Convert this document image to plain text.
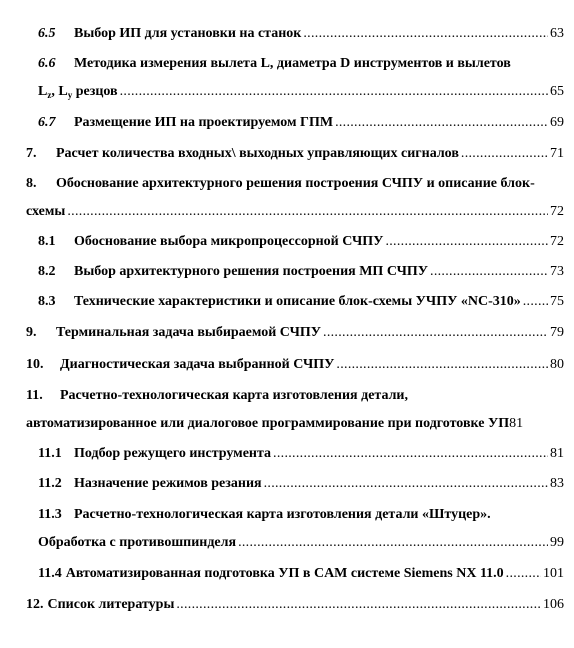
6.5	Выбор ИП для установки на станок .....	63
6.6	Методика измерения вылета L, диаметра D инструментов и вылетов
$L_z$, $L_y$ резцов .....	65
6.7	Размещение ИП на проектируемом ГПМ .....	69
7.	Расчет количества входных\ выходных управляющих сигналов .....	71
8.	Обоснование архитектурного решения построения СЧПУ и описание блок-
схемы .....	72
8.1	Обоснование выбора микропроцессорной СЧПУ .....	72
8.2	Выбор архитектурного решения построения МП СЧПУ .....	73
8.3	Технические характеристики и описание блок-схемы УЧПУ «NC-310» ..... 75
9.	Терминальная задача выбираемой СЧПУ .....	79
10.	Диагностическая задача выбранной СЧПУ .....	80
11.	Расчетно-технологическая карта изготовления детали,
автоматизированное или диалоговое программирование при подготовке УП 81
11.1 Подбор режущего инструмента .....	81
11.2 Назначение режимов резания .....	83
11.3 Расчетно-технологическая карта изготовления детали «Штуцер».
Обработка с противошпинделя .....	99
11.4 Автоматизированная подготовка УП в CAM системе Siemens NX 11.0 .....	101
12. Список литературы .....	106
